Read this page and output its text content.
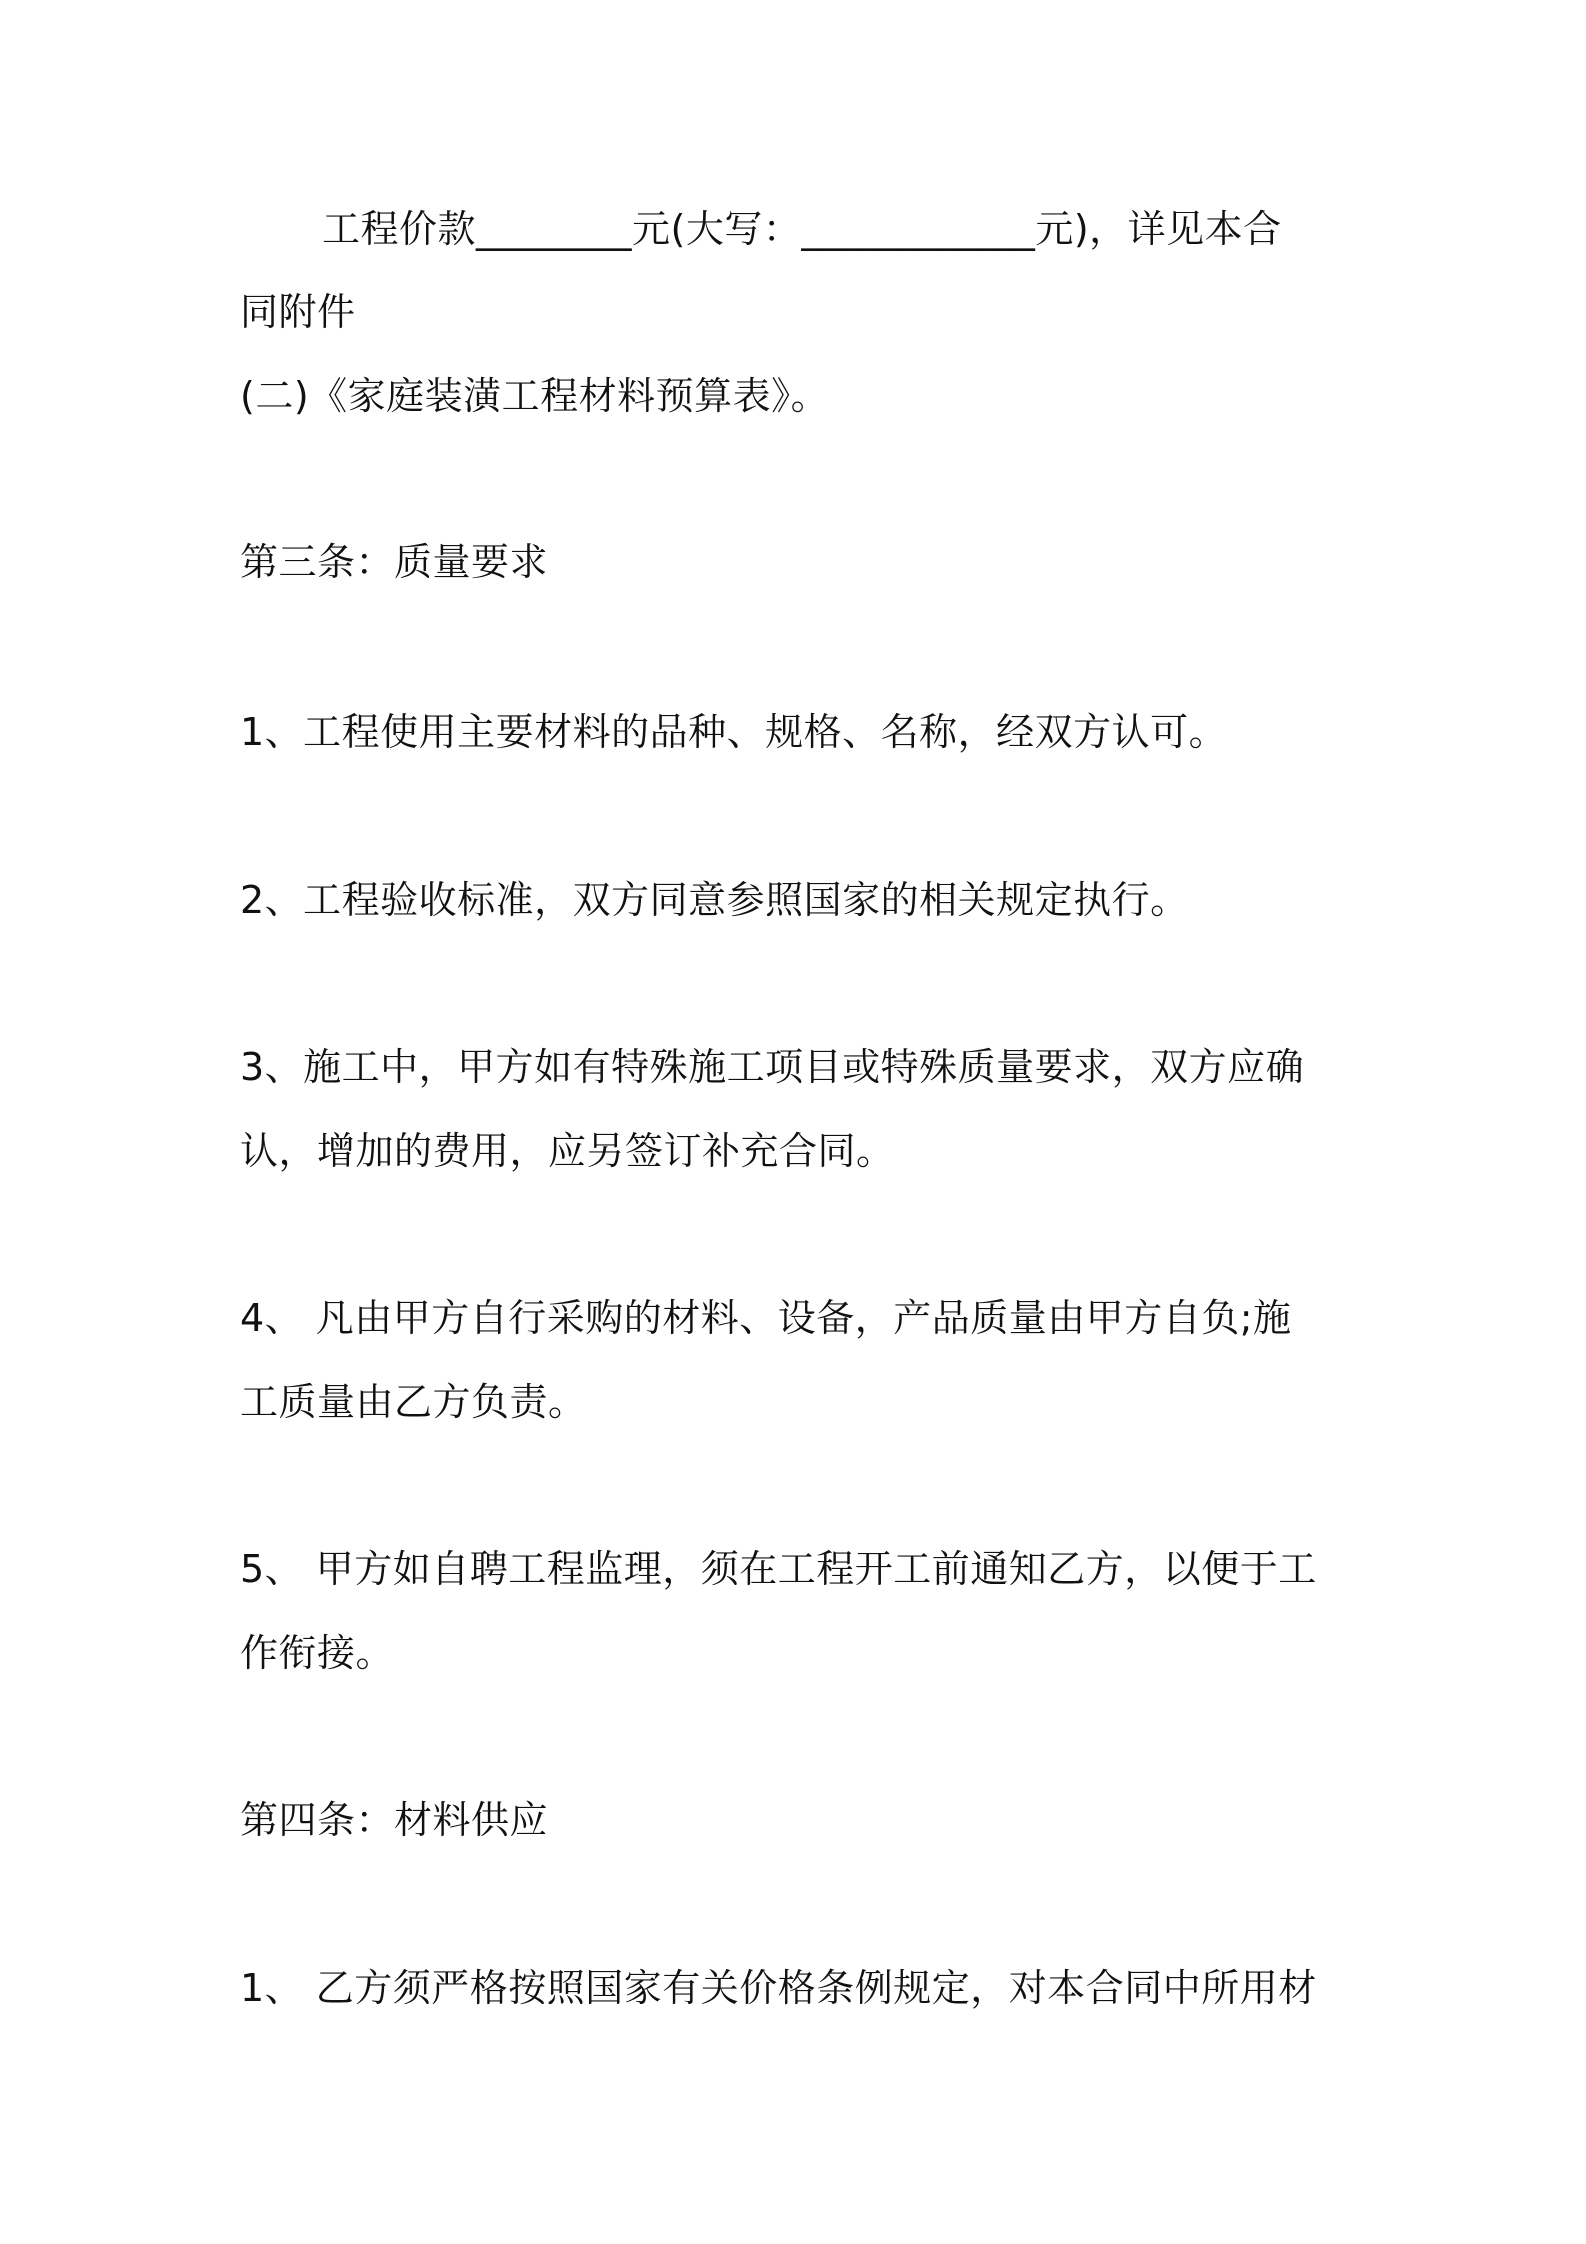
工程价款________元(大写：____________元)，详见本合
同附件
(二)《家庭装潢工程材料预算表》。
第三条：质量要求
1、工程使用主要材料的品种、规格、名称，经双方认可。
2、工程验收标准，双方同意参照国家的相关规定执行。
3、施工中，甲方如有特殊施工项目或特殊质量要求，双方应确
认，增加的费用，应另签订补充合同。
4、 凡由甲方自行采购的材料、设备，产品质量由甲方自负;施
工质量由乙方负责。
5、 甲方如自聘工程监理，须在工程开工前通知乙方，以便于工
作衔接。
第四条：材料供应
1、 乙方须严格按照国家有关价格条例规定，对本合同中所用材
